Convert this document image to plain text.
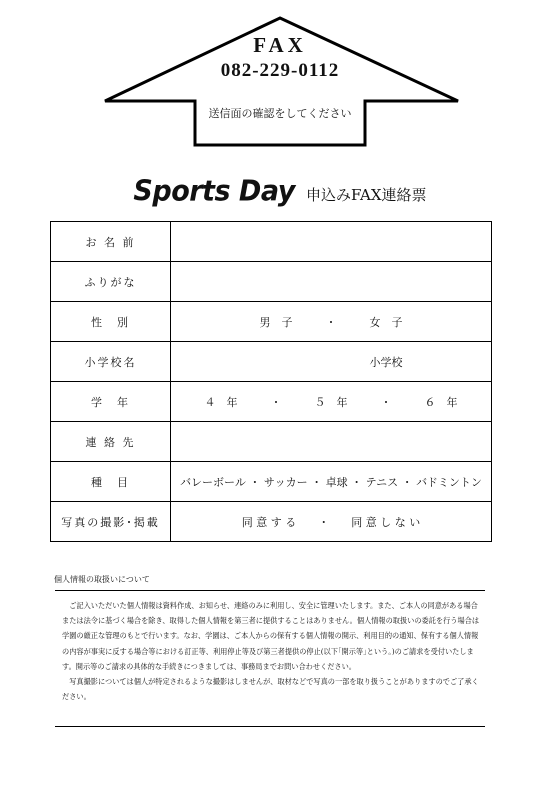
FAX
082-229-0112
送信面の確認をしてください
Sports Day 申込みFAX連絡票
お 名 前	
ふりがな	
性　別	男　子　　　・　　　女　子
小学校名	　　　　　　　　　　小学校
学　年	４　年　　　・　　　５　年　　　・　　　６　年
連 絡 先	
種　目	バレーボール ・ サッカー ・ 卓球 ・ テニス ・ バドミントン
写真の撮影･掲載	同 意 す る　　・　　同 意 し な い
個人情報の取扱いについて

ご記入いただいた個人情報は資料作成、お知らせ、連絡のみに利用し、安全に管理いたします。また、ご本人の同意がある場合または法令に基づく場合を除き、取得した個人情報を第三者に提供することはありません。個人情報の取扱いの委託を行う場合は学園の厳正な管理のもとで行います。なお、学園は、ご本人からの保有する個人情報の開示、利用目的の通知、保有する個人情報の内容が事実に反する場合等における訂正等、利用停止等及び第三者提供の停止(以下｢開示等｣という。)のご請求を受付いたします。開示等のご請求の具体的な手続きにつきましては、事務局までお問い合わせください。

写真撮影については個人が特定されるような撮影はしませんが、取材などで写真の一部を取り扱うことがありますのでご了承ください。
